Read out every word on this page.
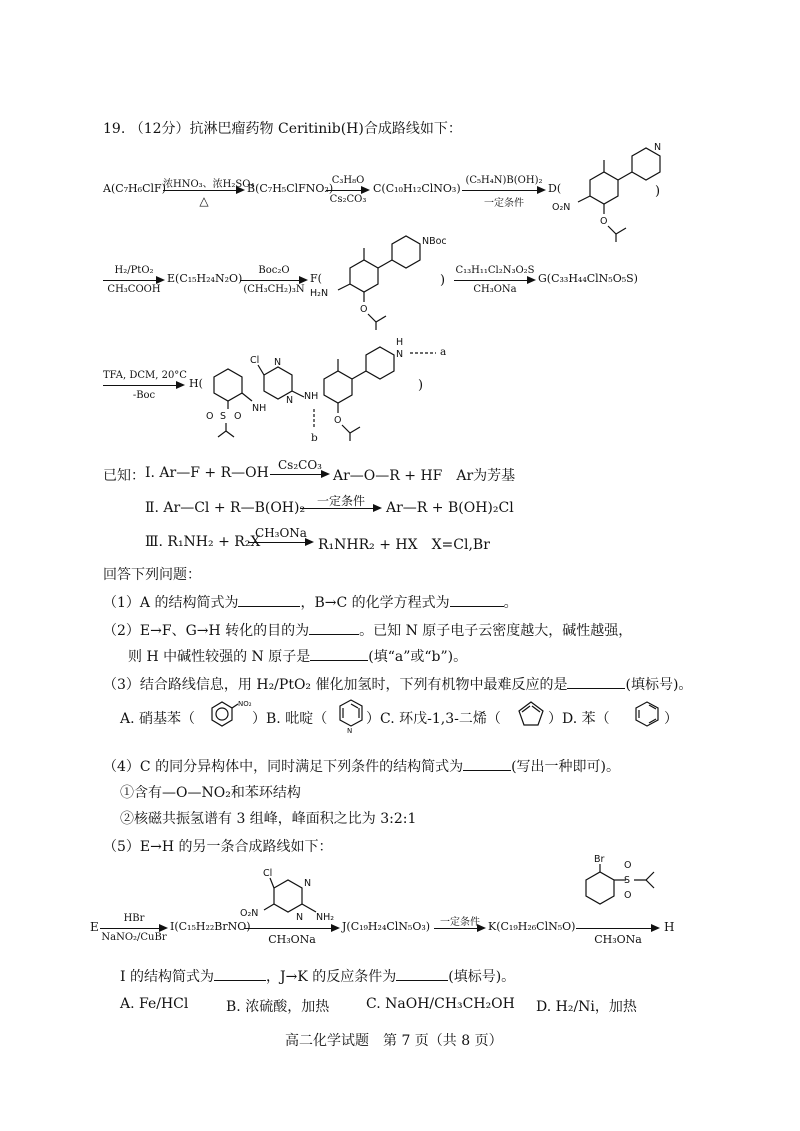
19. （12分）抗淋巴瘤药物 Ceritinib(H)合成路线如下：
A(C₇H₆ClF)
浓HNO₃、浓H₂SO₄
△
B(C₇H₅ClFNO₂)
C₃H₈O
Cs₂CO₃
C(C₁₀H₁₂ClNO₃)
(C₅H₄N)B(OH)₂
一定条件
D(	)
N
O
O₂N
H₂/PtO₂
CH₃COOH
E(C₁₅H₂₄N₂O)
Boc₂O
(CH₃CH₂)₃N
F(	)
NBoc
H₂N
O
C₁₃H₁₁Cl₂N₃O₂S
CH₃ONa
G(C₃₃H₄₄ClN₅O₅S)
TFA, DCM, 20°C
-Boc
H(	)
S
O O
NH
N
N
Cl
NH
N
H
O
a
b
已知： Ⅰ. Ar—F + R—OH Cs₂CO₃
Ar—O—R + HF　Ar为芳基
Ⅱ. Ar—Cl + R—B(OH)₂ 一定条件	Ar—R + B(OH)₂Cl
Ⅲ. R₁NH₂ + R₂X
CH₃ONa
R₁NHR₂ + HX　X=Cl,Br
回答下列问题：
（1）A 的结构简式为	，B→C 的化学方程式为	。
（2）E→F、G→H 转化的目的为	。已知 N 原子电子云密度越大，碱性越强，
则 H 中碱性较强的 N 原子是	(填“a”或“b”)。
（3）结合路线信息，用 H₂/PtO₂ 催化加氢时，下列有机物中最难反应的是	(填标号)。
A. 硝基苯（
NO₂
）B. 吡啶（
N
）C. 环戊-1,3-二烯（	）D. 苯（	）
（4）C 的同分异构体中，同时满足下列条件的结构简式为	(写出一种即可)。
①含有—O—NO₂和苯环结构
②核磁共振氢谱有 3 组峰，峰面积之比为 3:2:1
（5）E→H 的另一条合成路线如下：
Cl
N
N NH₂
O₂N
Br
S
O
O
E
HBr
NaNO₂/CuBr
I(C₁₅H₂₂BrNO)
CH₃ONa
J(C₁₉H₂₄ClN₅O₃) 一定条件 K(C₁₉H₂₆ClN₅O)
CH₃ONa
H
I 的结构简式为	，J→K 的反应条件为	(填标号)。
A. Fe/HCl	B. 浓硫酸，加热	C. NaOH/CH₃CH₂OH D. H₂/Ni，加热
高二化学试题　第 7 页（共 8 页）
